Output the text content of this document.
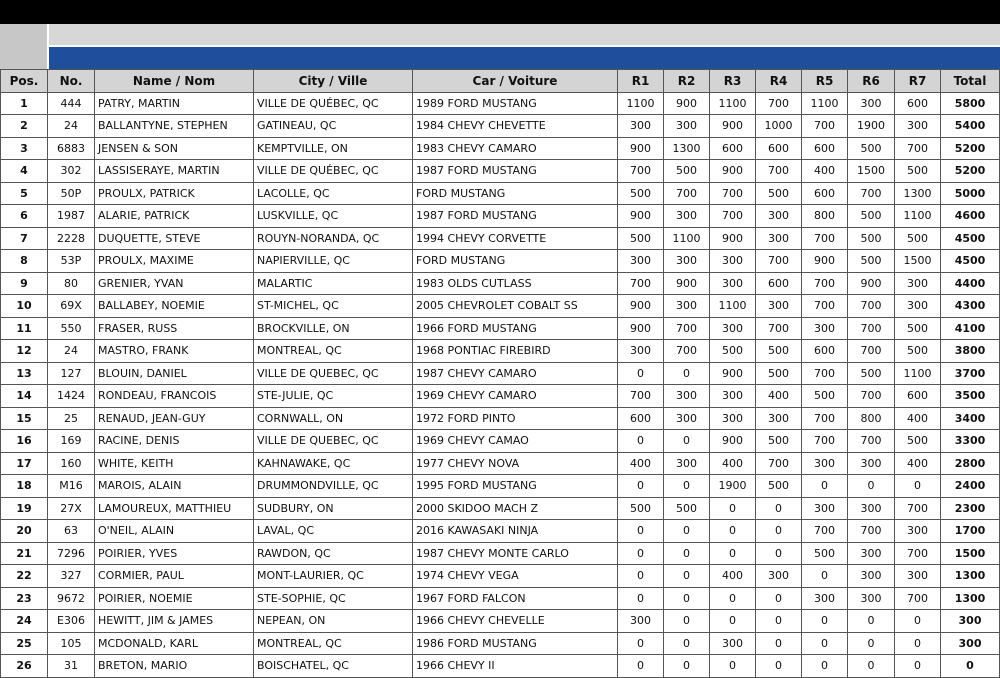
Pos.	No.	Name / Nom	City / Ville	Car / Voiture	R1	R2	R3	R4	R5	R6	R7	Total
1	444	PATRY, MARTIN	VILLE DE QUÉBEC, QC	1989 FORD MUSTANG	1100	900	1100	700	1100	300	600	5800
2	24	BALLANTYNE, STEPHEN	GATINEAU, QC	1984 CHEVY CHEVETTE	300	300	900	1000	700	1900	300	5400
3	6883	JENSEN & SON	KEMPTVILLE, ON	1983 CHEVY CAMARO	900	1300	600	600	600	500	700	5200
4	302	LASSISERAYE, MARTIN	VILLE DE QUÉBEC, QC	1987 FORD MUSTANG	700	500	900	700	400	1500	500	5200
5	50P	PROULX, PATRICK	LACOLLE, QC	FORD MUSTANG	500	700	700	500	600	700	1300	5000
6	1987	ALARIE, PATRICK	LUSKVILLE, QC	1987 FORD MUSTANG	900	300	700	300	800	500	1100	4600
7	2228	DUQUETTE, STEVE	ROUYN-NORANDA, QC	1994 CHEVY CORVETTE	500	1100	900	300	700	500	500	4500
8	53P	PROULX, MAXIME	NAPIERVILLE, QC	FORD MUSTANG	300	300	300	700	900	500	1500	4500
9	80	GRENIER, YVAN	MALARTIC	1983 OLDS CUTLASS	700	900	300	600	700	900	300	4400
10	69X	BALLABEY, NOEMIE	ST-MICHEL, QC	2005 CHEVROLET COBALT SS	900	300	1100	300	700	700	300	4300
11	550	FRASER, RUSS	BROCKVILLE, ON	1966 FORD MUSTANG	900	700	300	700	300	700	500	4100
12	24	MASTRO, FRANK	MONTREAL, QC	1968 PONTIAC FIREBIRD	300	700	500	500	600	700	500	3800
13	127	BLOUIN, DANIEL	VILLE DE QUEBEC, QC	1987 CHEVY CAMARO	0	0	900	500	700	500	1100	3700
14	1424	RONDEAU, FRANCOIS	STE-JULIE, QC	1969 CHEVY CAMARO	700	300	300	400	500	700	600	3500
15	25	RENAUD, JEAN-GUY	CORNWALL, ON	1972 FORD PINTO	600	300	300	300	700	800	400	3400
16	169	RACINE, DENIS	VILLE DE QUEBEC, QC	1969 CHEVY CAMAO	0	0	900	500	700	700	500	3300
17	160	WHITE, KEITH	KAHNAWAKE, QC	1977 CHEVY NOVA	400	300	400	700	300	300	400	2800
18	M16	MAROIS, ALAIN	DRUMMONDVILLE, QC	1995 FORD MUSTANG	0	0	1900	500	0	0	0	2400
19	27X	LAMOUREUX, MATTHIEU	SUDBURY, ON	2000 SKIDOO MACH Z	500	500	0	0	300	300	700	2300
20	63	O'NEIL, ALAIN	LAVAL, QC	2016 KAWASAKI NINJA	0	0	0	0	700	700	300	1700
21	7296	POIRIER, YVES	RAWDON, QC	1987 CHEVY MONTE CARLO	0	0	0	0	500	300	700	1500
22	327	CORMIER, PAUL	MONT-LAURIER, QC	1974 CHEVY VEGA	0	0	400	300	0	300	300	1300
23	9672	POIRIER, NOEMIE	STE-SOPHIE, QC	1967 FORD FALCON	0	0	0	0	300	300	700	1300
24	E306	HEWITT, JIM & JAMES	NEPEAN, ON	1966 CHEVY CHEVELLE	300	0	0	0	0	0	0	300
25	105	MCDONALD, KARL	MONTREAL, QC	1986 FORD MUSTANG	0	0	300	0	0	0	0	300
26	31	BRETON, MARIO	BOISCHATEL, QC	1966 CHEVY II	0	0	0	0	0	0	0	0
